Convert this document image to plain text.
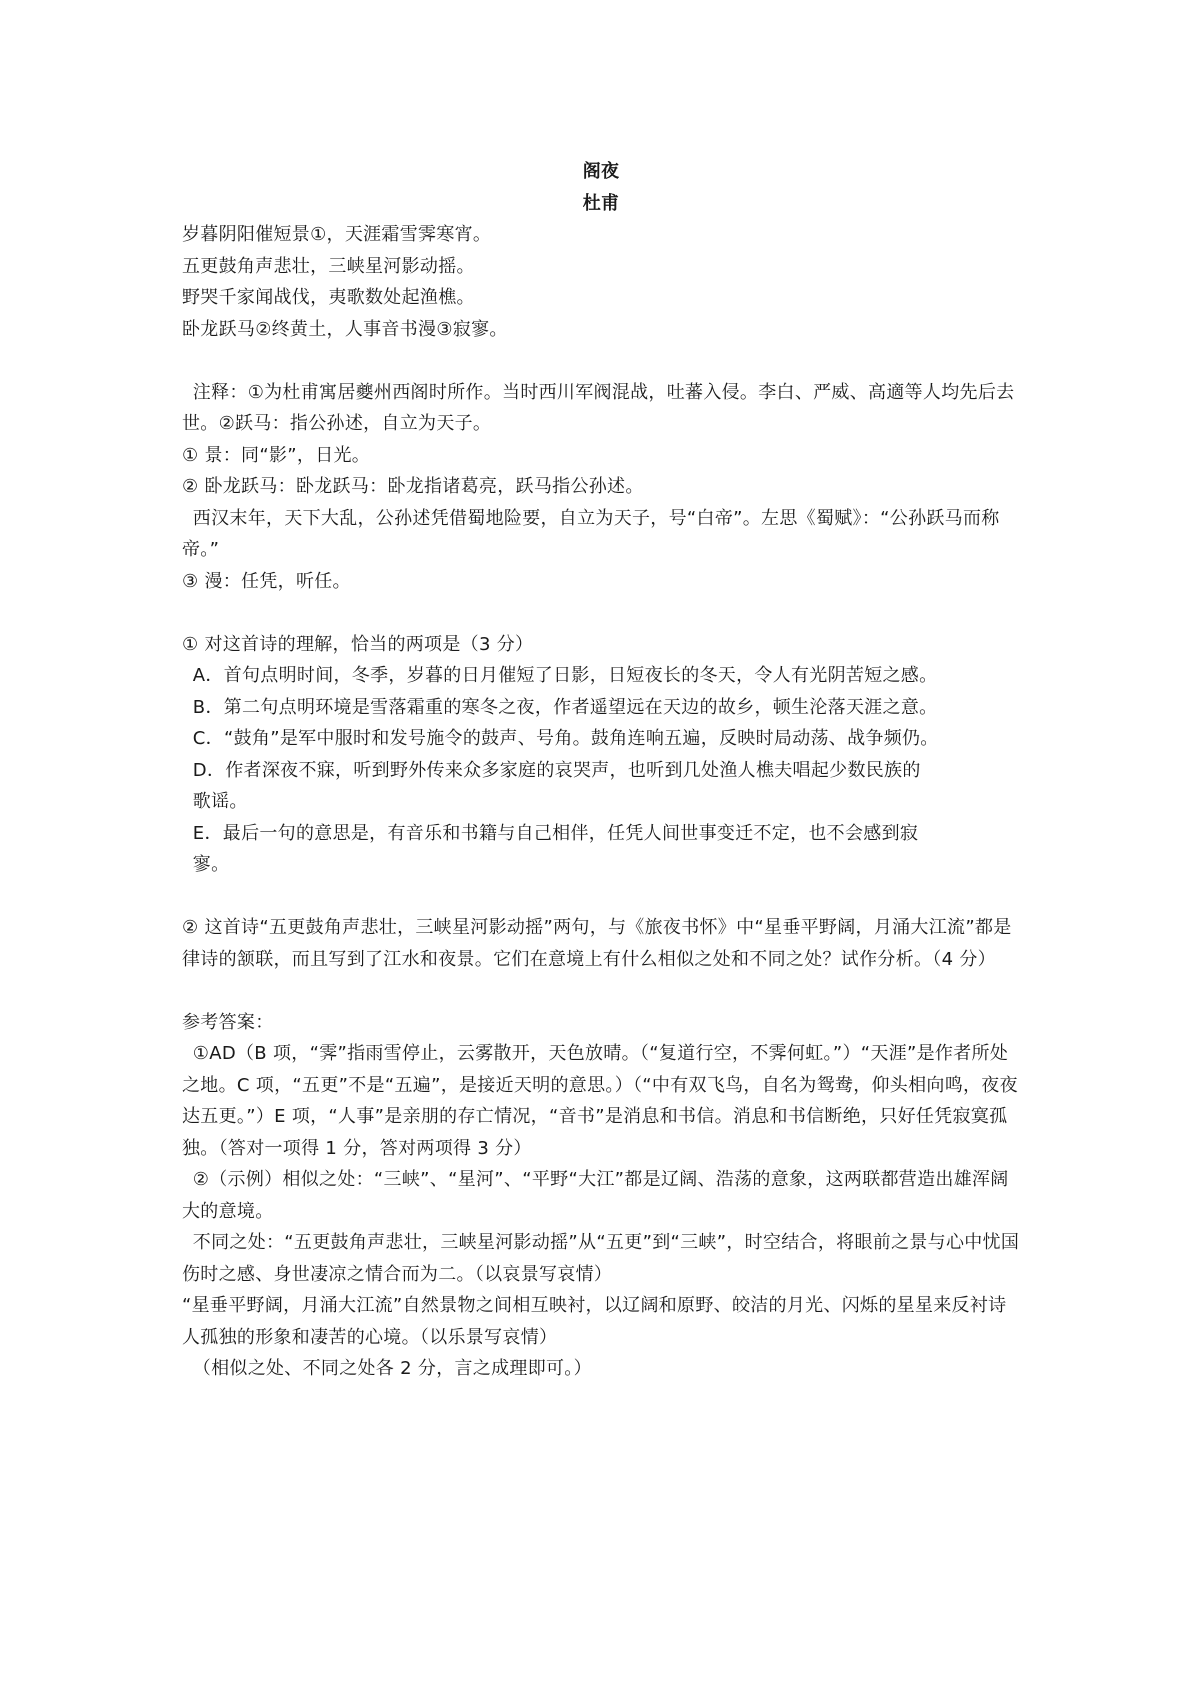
阁夜

杜甫

岁暮阴阳催短景①，天涯霜雪霁寒宵。

五更鼓角声悲壮，三峡星河影动摇。

野哭千家闻战伐，夷歌数处起渔樵。

卧龙跃马②终黄土，人事音书漫③寂寥。

注释：①为杜甫寓居夔州西阁时所作。当时西川军阀混战，吐蕃入侵。李白、严威、高適等人均先后去世。②跃马：指公孙述，自立为天子。

① 景：同“影”，日光。

② 卧龙跃马：卧龙跃马：卧龙指诸葛亮，跃马指公孙述。

西汉末年，天下大乱，公孙述凭借蜀地险要，自立为天子，号“白帝”。左思《蜀赋》：“公孙跃马而称帝。”

③ 漫：任凭，听任。

① 对这首诗的理解，恰当的两项是（3 分）

A．首句点明时间，冬季，岁暮的日月催短了日影，日短夜长的冬天，令人有光阴苦短之感。

B．第二句点明环境是雪落霜重的寒冬之夜，作者遥望远在天边的故乡，顿生沦落天涯之意。

C．“鼓角”是军中服时和发号施令的鼓声、号角。鼓角连响五遍，反映时局动荡、战争频仍。

D．作者深夜不寐，听到野外传来众多家庭的哀哭声，也听到几处渔人樵夫唱起少数民族的歌谣。

E．最后一句的意思是，有音乐和书籍与自己相伴，任凭人间世事变迁不定，也不会感到寂寥。

② 这首诗“五更鼓角声悲壮，三峡星河影动摇”两句，与《旅夜书怀》中“星垂平野阔，月涌大江流”都是律诗的颔联，而且写到了江水和夜景。它们在意境上有什么相似之处和不同之处？试作分析。（4 分）

参考答案：

①AD（B 项，“霁”指雨雪停止，云雾散开，天色放晴。（“复道行空，不霁何虹。”）“天涯”是作者所处之地。C 项，“五更”不是“五遍”，是接近天明的意思。）（“中有双飞鸟，自名为鸳鸯，仰头相向鸣，夜夜达五更。”）E 项，“人事”是亲朋的存亡情况，“音书”是消息和书信。消息和书信断绝，只好任凭寂寞孤独。（答对一项得 1 分，答对两项得 3 分）

②（示例）相似之处：“三峡”、“星河”、“平野“大江”都是辽阔、浩荡的意象，这两联都营造出雄浑阔大的意境。

不同之处：“五更鼓角声悲壮，三峡星河影动摇”从“五更”到“三峡”，时空结合，将眼前之景与心中忧国伤时之感、身世凄凉之情合而为二。（以哀景写哀情）

“星垂平野阔，月涌大江流”自然景物之间相互映衬，以辽阔和原野、皎洁的月光、闪烁的星星来反衬诗人孤独的形象和凄苦的心境。（以乐景写哀情）

（相似之处、不同之处各 2 分，言之成理即可。）
